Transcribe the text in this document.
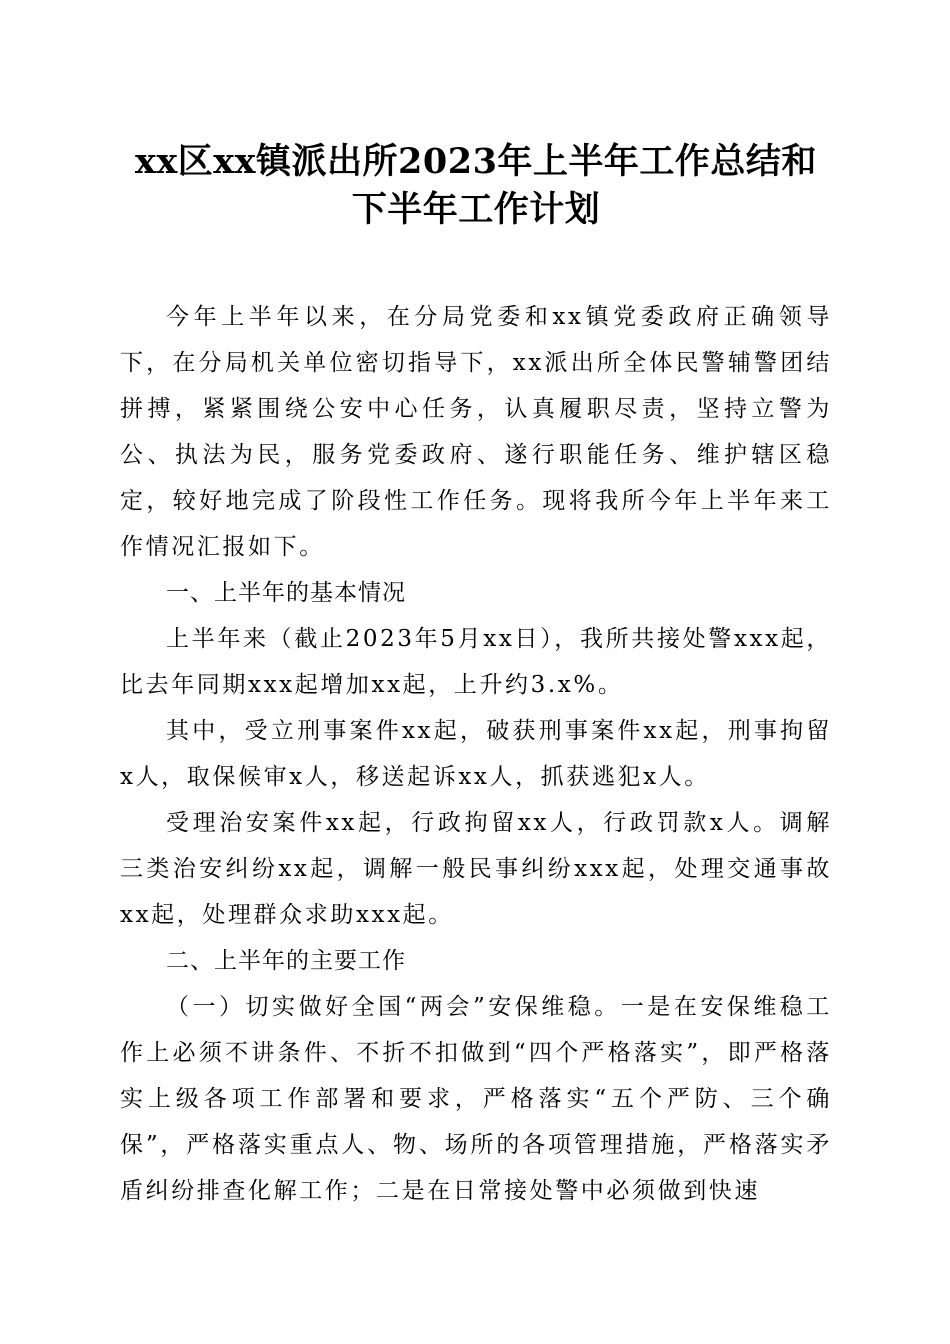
xx区xx镇派出所2023年上半年工作总结和下半年工作计划

今年上半年以来，在分局党委和xx镇党委政府正确领导下，在分局机关单位密切指导下，xx派出所全体民警辅警团结拼搏，紧紧围绕公安中心任务，认真履职尽责，坚持立警为公、执法为民，服务党委政府、遂行职能任务、维护辖区稳定，较好地完成了阶段性工作任务。现将我所今年上半年来工作情况汇报如下。

一、上半年的基本情况

上半年来（截止2023年5月xx日），我所共接处警xxx起，比去年同期xxx起增加xx起，上升约3.x%。

其中，受立刑事案件xx起，破获刑事案件xx起，刑事拘留x人，取保候审x人，移送起诉xx人，抓获逃犯x人。

受理治安案件xx起，行政拘留xx人，行政罚款x人。调解三类治安纠纷xx起，调解一般民事纠纷xxx起，处理交通事故xx起，处理群众求助xxx起。

二、上半年的主要工作

（一）切实做好全国“两会”安保维稳。一是在安保维稳工作上必须不讲条件、不折不扣做到“四个严格落实”，即严格落实上级各项工作部署和要求，严格落实“五个严防、三个确保”，严格落实重点人、物、场所的各项管理措施，严格落实矛盾纠纷排查化解工作；二是在日常接处警中必须做到快速
